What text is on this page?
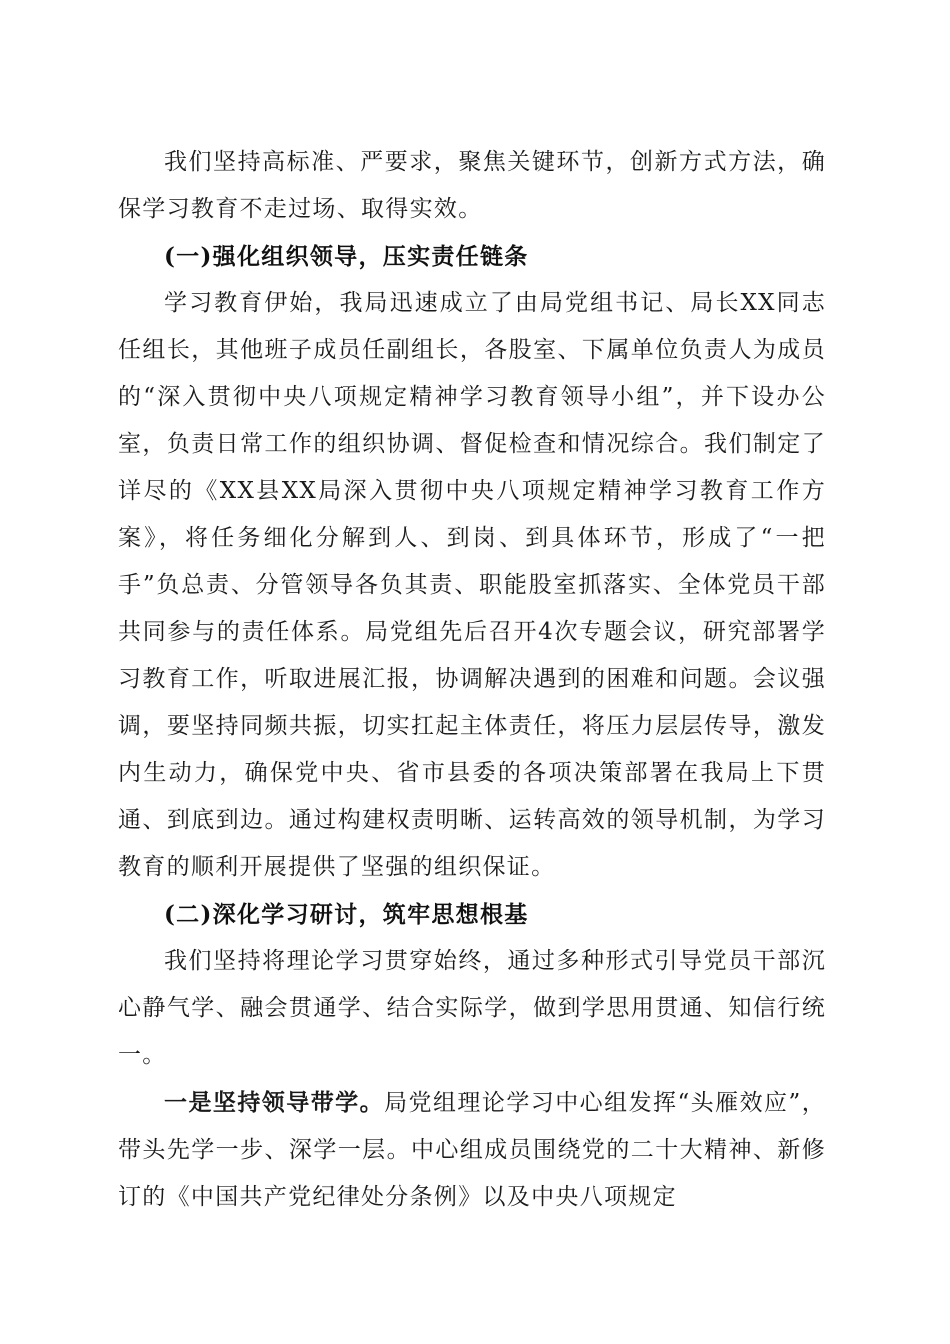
我们坚持高标准、严要求，聚焦关键环节，创新方式方法，确保学习教育不走过场、取得实效。

(一)强化组织领导，压实责任链条

学习教育伊始，我局迅速成立了由局党组书记、局长XX同志任组长，其他班子成员任副组长，各股室、下属单位负责人为成员的“深入贯彻中央八项规定精神学习教育领导小组”，并下设办公室，负责日常工作的组织协调、督促检查和情况综合。我们制定了详尽的《XX县XX局深入贯彻中央八项规定精神学习教育工作方案》，将任务细化分解到人、到岗、到具体环节，形成了“一把手”负总责、分管领导各负其责、职能股室抓落实、全体党员干部共同参与的责任体系。局党组先后召开4次专题会议，研究部署学习教育工作，听取进展汇报，协调解决遇到的困难和问题。会议强调，要坚持同频共振，切实扛起主体责任，将压力层层传导，激发内生动力，确保党中央、省市县委的各项决策部署在我局上下贯通、到底到边。通过构建权责明晰、运转高效的领导机制，为学习教育的顺利开展提供了坚强的组织保证。

(二)深化学习研讨，筑牢思想根基

我们坚持将理论学习贯穿始终，通过多种形式引导党员干部沉心静气学、融会贯通学、结合实际学，做到学思用贯通、知信行统一。

一是坚持领导带学。局党组理论学习中心组发挥“头雁效应”，带头先学一步、深学一层。中心组成员围绕党的二十大精神、新修订的《中国共产党纪律处分条例》以及中央八项规定
